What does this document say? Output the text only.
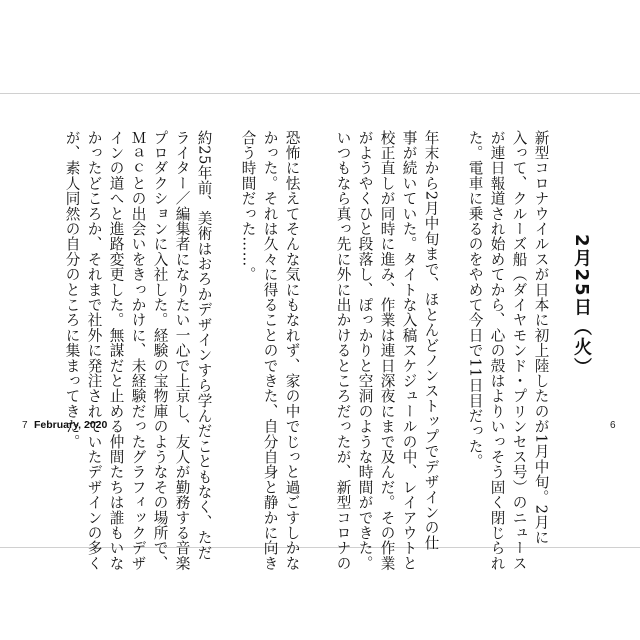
2月25日（火）
新型コロナウイルスが日本に初上陸したのが1月中旬。2月に
入って、クルーズ船（ダイヤモンド・プリンセス号）のニュース
が連日報道され始めてから、心の殻はよりいっそう固く閉じられ
た。電車に乗るのをやめて今日で11日目だった。
年末から2月中旬まで、ほとんどノンストップでデザインの仕
事が続いていた。タイトな入稿スケジュールの中、レイアウトと
校正直しが同時に進み、作業は連日深夜にまで及んだ。その作業
がようやくひと段落し、ぽっかりと空洞のような時間ができた。
いつもなら真っ先に外に出かけるところだったが、新型コロナの	6
恐怖に怯えてそんな気にもなれず、家の中でじっと過ごすしかな
かった。それは久々に得ることのできた、自分自身と静かに向き
合う時間だった……。
約25年前、美術はおろかデザインすら学んだこともなく、ただ
ライター／編集者になりたい一心で上京し、友人が勤務する音楽
プロダクションに入社した。経験の宝物庫のようなその場所で、
Ｍａｃとの出会いをきっかけに、未経験だったグラフィックデザ
インの道へと進路変更した。無謀だと止める仲間たちは誰もいな
かったどころか、それまで社外に発注されていたデザインの多く
が、素人同然の自分のところに集まってきた。
7 February, 2020
